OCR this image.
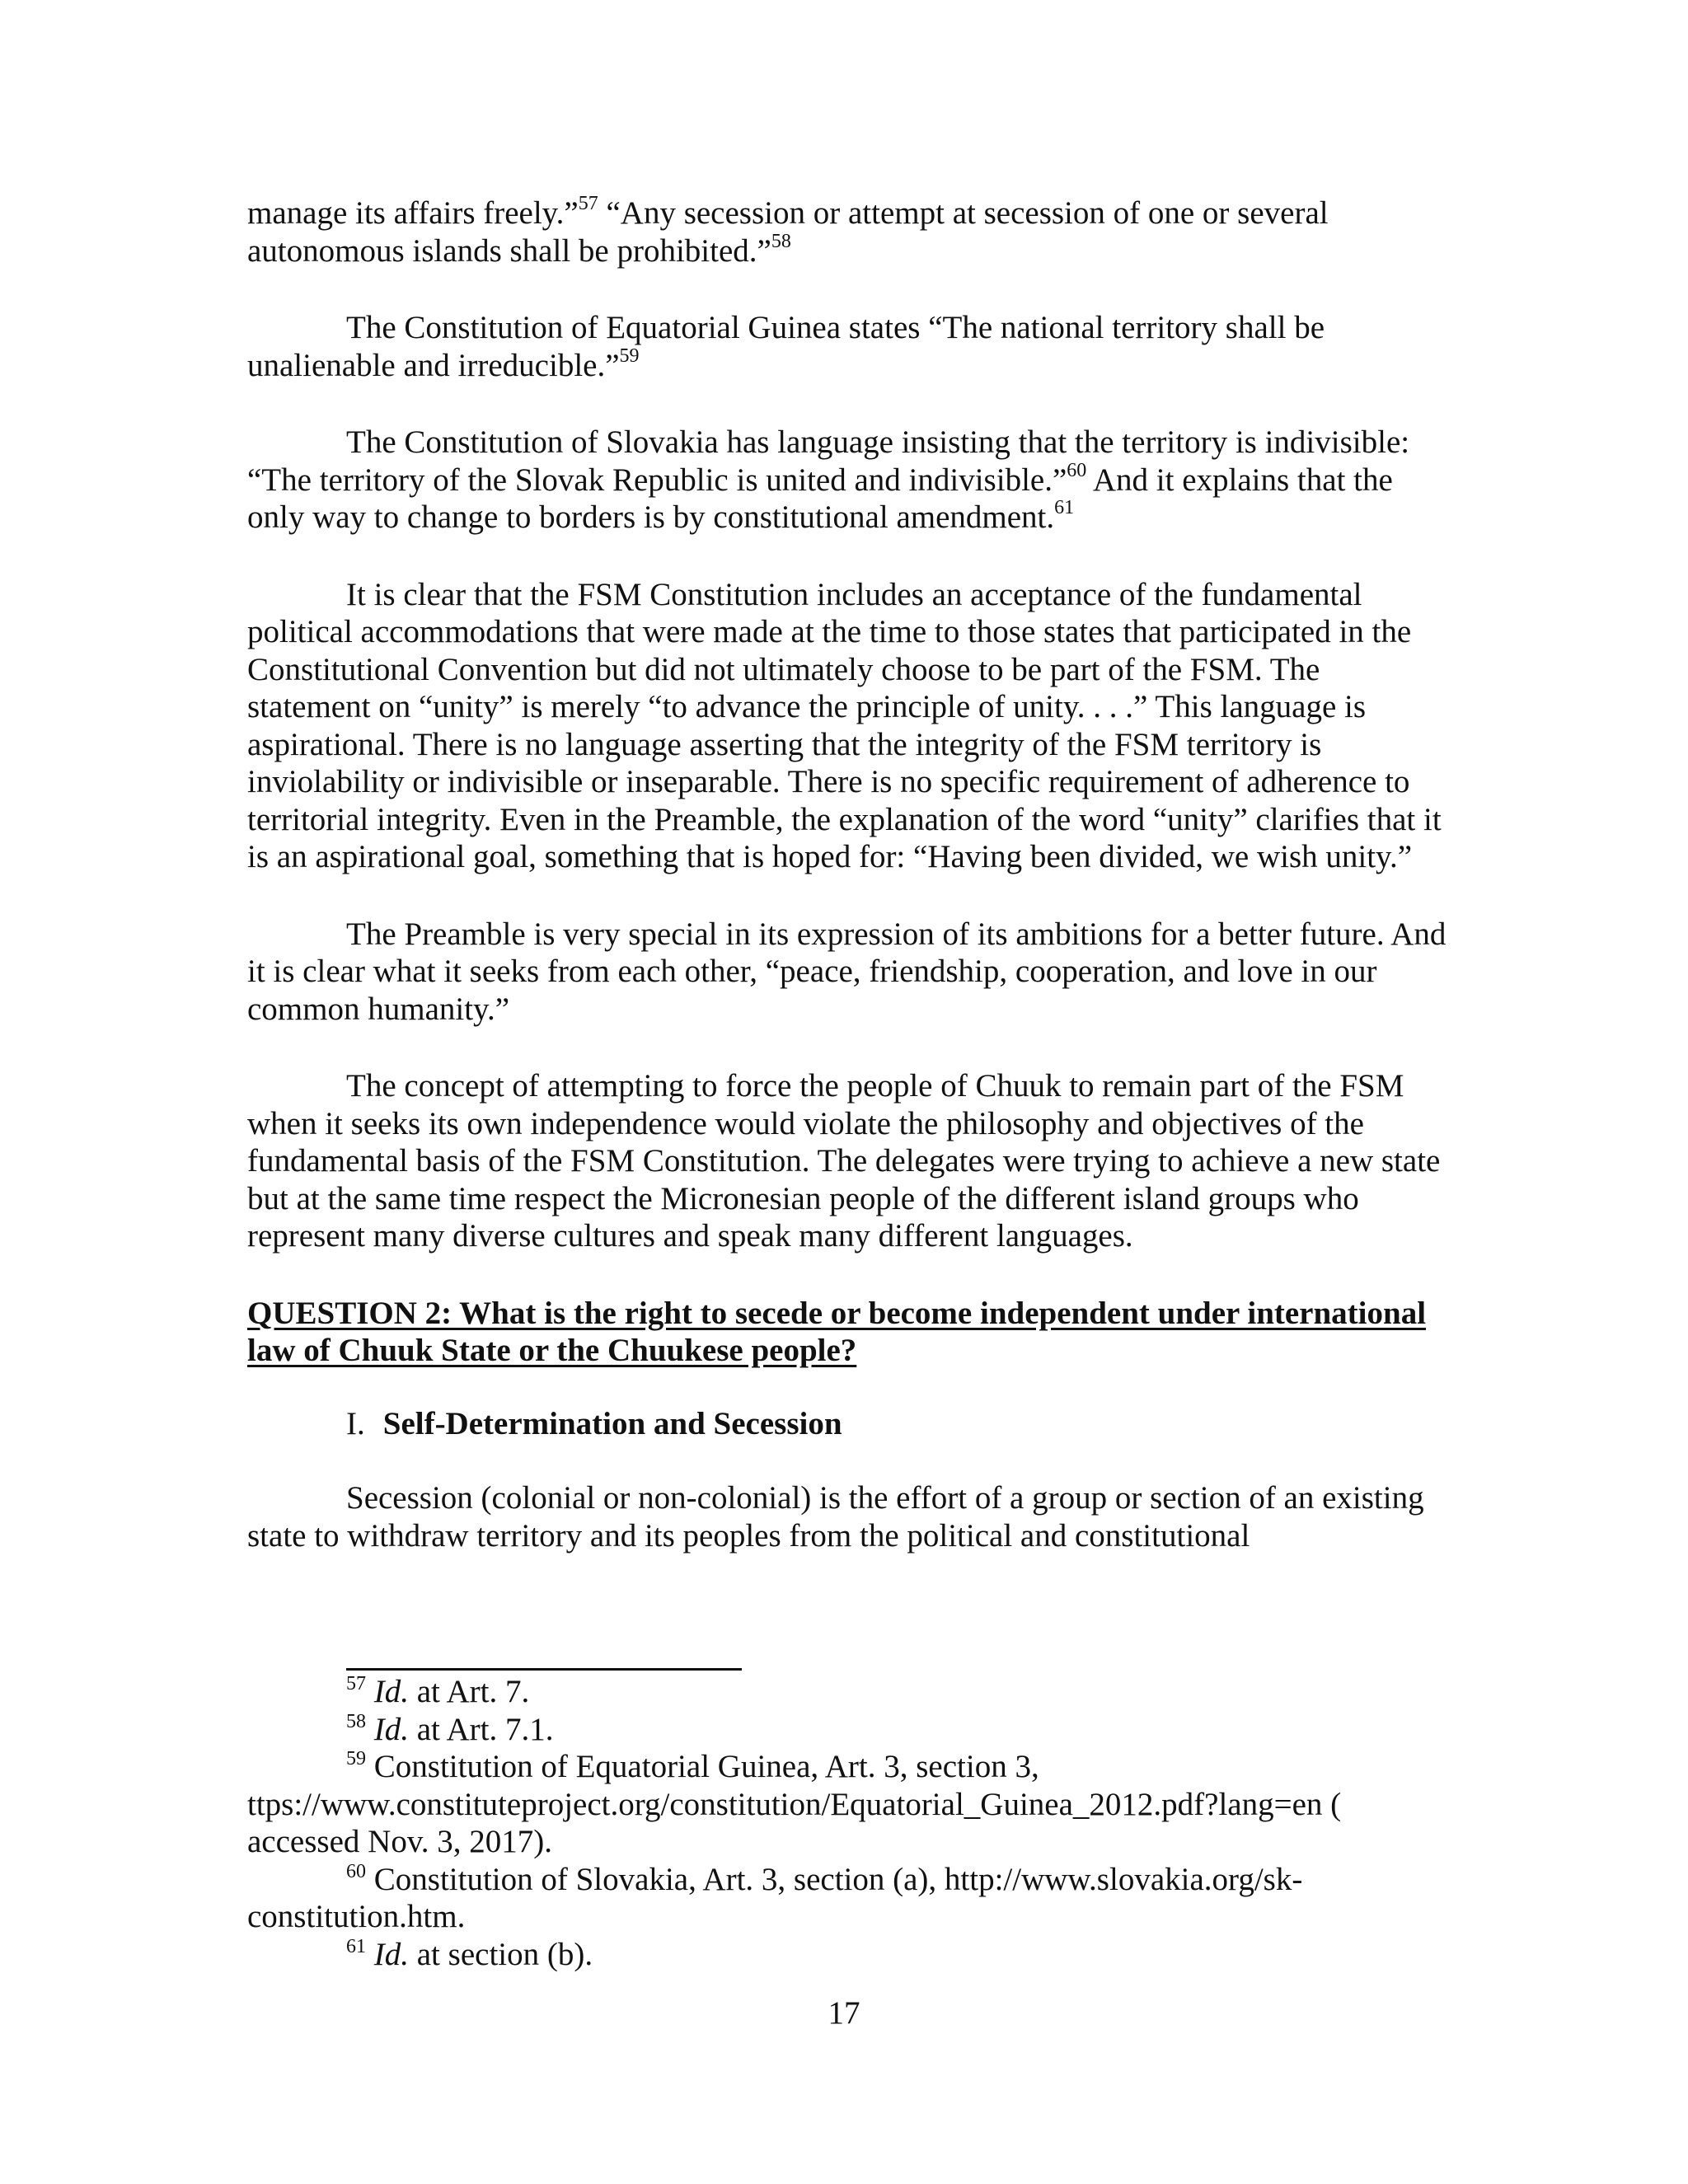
manage its affairs freely.”$^{57}$ “Any secession or attempt at secession of one or several autonomous islands shall be prohibited.”$^{58}$

The Constitution of Equatorial Guinea states “The national territory shall be unalienable and irreducible.”$^{59}$

The Constitution of Slovakia has language insisting that the territory is indivisible: “The territory of the Slovak Republic is united and indivisible.”$^{60}$ And it explains that the only way to change to borders is by constitutional amendment.$^{61}$

It is clear that the FSM Constitution includes an acceptance of the fundamental political accommodations that were made at the time to those states that participated in the Constitutional Convention but did not ultimately choose to be part of the FSM. The statement on “unity” is merely “to advance the principle of unity. . . .” This language is aspirational. There is no language asserting that the integrity of the FSM territory is inviolability or indivisible or inseparable. There is no specific requirement of adherence to territorial integrity. Even in the Preamble, the explanation of the word “unity” clarifies that it is an aspirational goal, something that is hoped for: “Having been divided, we wish unity.”

The Preamble is very special in its expression of its ambitions for a better future. And it is clear what it seeks from each other, “peace, friendship, cooperation, and love in our common humanity.”

The concept of attempting to force the people of Chuuk to remain part of the FSM when it seeks its own independence would violate the philosophy and objectives of the fundamental basis of the FSM Constitution. The delegates were trying to achieve a new state but at the same time respect the Micronesian people of the different island groups who represent many diverse cultures and speak many different languages.

QUESTION 2: What is the right to secede or become independent under international law of Chuuk State or the Chuukese people?

I. Self-Determination and Secession

Secession (colonial or non-colonial) is the effort of a group or section of an existing state to withdraw territory and its peoples from the political and constitutional

$^{57}$ Id. at Art. 7.

$^{58}$ Id. at Art. 7.1.

$^{59}$ Constitution of Equatorial Guinea, Art. 3, section 3, ttps://www.constituteproject.org/constitution/Equatorial_Guinea_2012.pdf?lang=en ( accessed Nov. 3, 2017).

$^{60}$ Constitution of Slovakia, Art. 3, section (a), http://www.slovakia.org/sk-constitution.htm.

$^{61}$ Id. at section (b).

17
